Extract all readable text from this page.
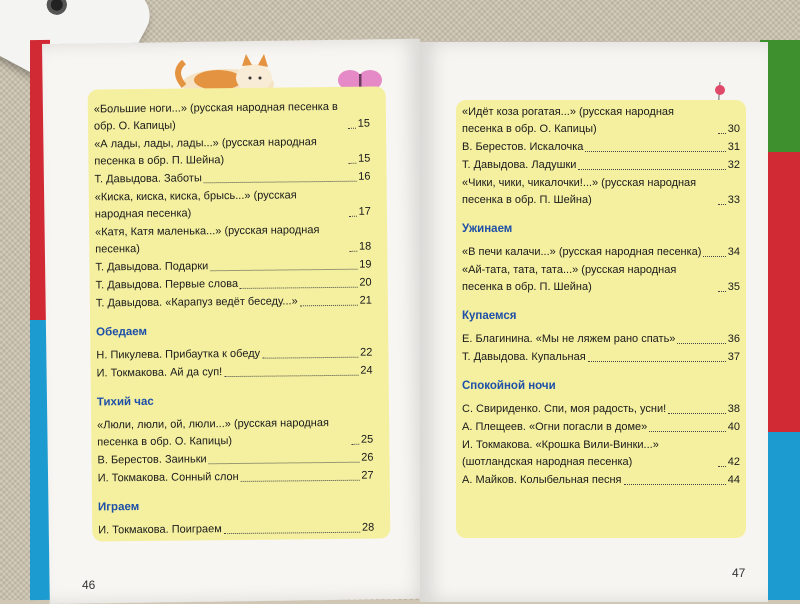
«Большие ноги...» (русская народная песенка в обр. О. Капицы)	15
«А лады, лады, лады...» (русская народная песенка в обр. П. Шейна)	15
Т. Давыдова. Заботы	16
«Киска, киска, киска, брысь...» (русская народная песенка)	17
«Катя, Катя маленька...» (русская народная песенка)	18
Т. Давыдова. Подарки	19
Т. Давыдова. Первые слова	20
Т. Давыдова. «Карапуз ведёт беседу...»	21
Обедаем
Н. Пикулева. Прибаутка к обеду	22
И. Токмакова. Ай да суп!	24
Тихий час
«Люли, люли, ой, люли...» (русская народная песенка в обр. О. Капицы)	25
В. Берестов. Заиньки	26
И. Токмакова. Сонный слон	27
Играем
И. Токмакова. Поиграем	28
«Идёт коза рогатая...» (русская народная песенка в обр. О. Капицы)	30
В. Берестов. Искалочка	31
Т. Давыдова. Ладушки	32
«Чики, чики, чикалочки!...» (русская народная песенка в обр. П. Шейна)	33
Ужинаем
«В печи калачи...» (русская народная песенка) 34
«Ай-тата, тата, тата...» (русская народная песенка в обр. П. Шейна)	35
Купаемся
Е. Благинина. «Мы не ляжем рано спать»	36
Т. Давыдова. Купальная	37
Спокойной ночи
С. Свириденко. Спи, моя радость, усни!	38
А. Плещеев. «Огни погасли в доме»	40
И. Токмакова. «Крошка Вили-Винки...» (шотландская народная песенка)	42
А. Майков. Колыбельная песня	44
46
47
